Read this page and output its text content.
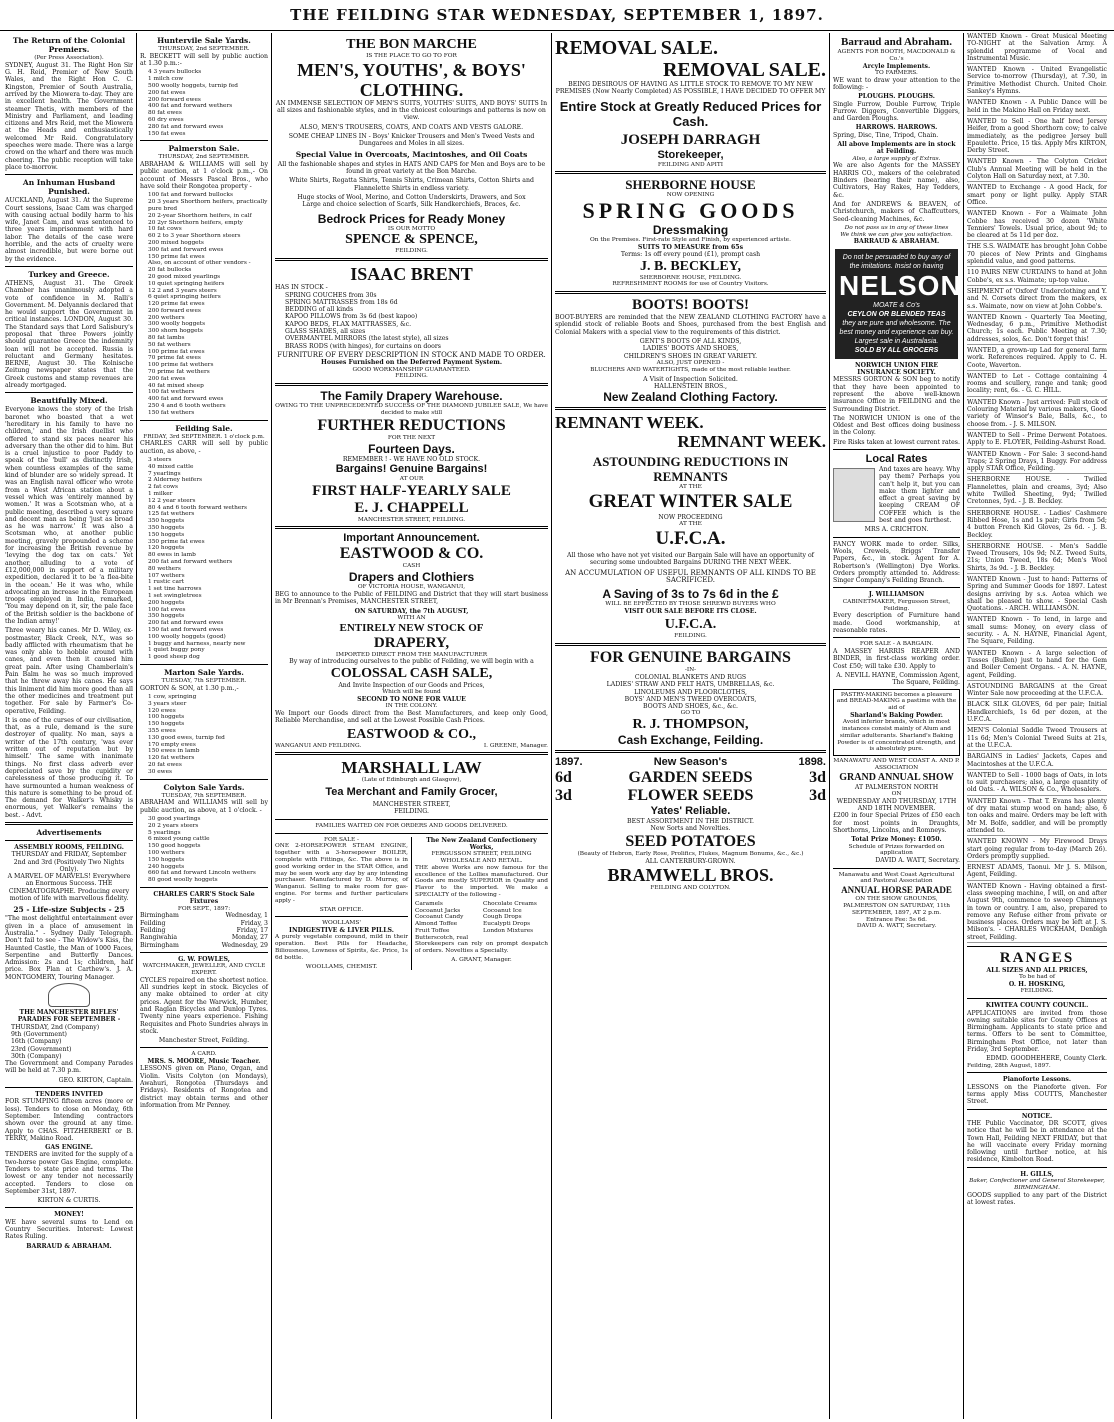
THE FEILDING STAR WEDNESDAY, SEPTEMBER 1, 1897.
The Return of the Colonial Premiers.
(Per Press Association).

SYDNEY, August 31. The Right Hon Sir G. H. Reid, Premier of New South Wales, and the Right Hon C. C. Kingston, Premier of South Australia, arrived by the Miowera to-day. They are in excellent health. The Government steamer Thetis, with members of the Ministry and Parliament, and leading citizens and Mrs Reid, met the Miowera at the Heads and enthusiastically welcomed Mr Reid. Congratulatory speeches were made. There was a large crowd on the wharf and there was much cheering. The public reception will take place to-morrow.

An Inhuman Husband Punished.

AUCKLAND, August 31. At the Supreme Court sessions, Isaac Cam was charged with causing actual bodily harm to his wife, Janet Cam, and was sentenced to three years imprisonment with hard labor. The details of the case were horrible, and the acts of cruelty were almost incredible, but were borne out by the evidence.

Turkey and Greece.

ATHENS, August 31. The Greek Chamber has unanimously adopted a vote of confidence in M. Ralli's Government. M. Delyannis declared that he would support the Government in critical instances. LONDON, August 30. The Standard says that Lord Salisbury's proposal that three Powers jointly should guarantee Greece the indemnity loan will not be accepted. Russia is reluctant and Germany hesitates. BERNE, August 30. The Kolnische Zeitung newspaper states that the Greek customs and stamp revenues are already mortgaged.

Beautifully Mixed.

Everyone knows the story of the Irish baronet who boasted that a wet 'hereditary in his family to have no children,' and the Irish duellist who offered to stand six paces nearer his adversary than the other did to him. But is a cruel injustice to poor Paddy to speak of the 'bull' as distinctly Irish, when countless examples of the same kind of blunder are so widely spread. It was an English naval officer who wrote from a West African station about a vessel which was 'entirely manned by women.' It was a Scotsman who, at a public meeting, described a very square and decent man as being 'just as broad as he was narrow.' It was also a Scotsman who, at another public meeting, gravely propounded a scheme for increasing the British revenue by 'levying the dog tax on cats.' Yet another, alluding to a vote of £12,000,000 in support of a military expedition, declared it to be 'a flea-bite in the ocean.' He it was who, while advocating an increase in the European troops employed in India, remarked, 'You may depend on it, sir, the pale face of the British soldier is the backbone of the Indian army!'

Three weary his canes. Mr D. Wiley, ex-postmaster, Black Creek, N.Y., was so badly afflicted with rheumatism that he was only able to hobble around with canes, and even then it caused him great pain. After using Chamberlain's Pain Balm he was so much improved that he threw away his canes. He says this liniment did him more good than all the other medicines and treatment put together. For sale by Farmer's Co-operative, Feilding.

It is one of the curses of our civilisation, that, as a rule, demand is the sure destroyer of quality. No man, says a writer of the 17th century, 'was ever written out of reputation but by himself.' The same with inanimate things. No first class adverb ever depreciated save by the cupidity or carelessness of those producing it. To have surmounted a human weakness of this nature is something to be proud of. The demand for Walker's Whisky is enormous, yet Walker's remains the best. - Advt.

Advertisements
ASSEMBLY ROOMS, FEILDING.
THURSDAY and FRIDAY, September 2nd and 3rd (Positively Two Nights Only).
A MARVEL OF MARVELS! Everywhere an Enormous Success. THE CINEMATOGRAPHE. Producing every motion of life with marvellous fidelity.
25 - Life-size Subjects - 25

"The most delightful entertainment ever given in a place of amusement in Australia." - Sydney Daily Telegraph. Don't fail to see - The Widow's Kiss, the Haunted Castle, the Man of 1000 Faces, Serpentine and Butterfly Dances. Admission: 2s and 1s; children, half price. Box Plan at Carthew's. J. A. MONTGOMERY, Touring Manager.

THE MANCHESTER RIFLES' PARADES FOR SEPTEMBER -
THURSDAY, 2nd (Company)
9th (Government)
16th (Company)
23rd (Government)
30th (Company)

The Government and Company Parades will be held at 7.30 p.m.

GEO. KIRTON, Captain.
TENDERS INVITED

FOR STUMPING fifteen acres (more or less). Tenders to close on Monday, 6th September. Intending contractors shown over the ground at any time. Apply to CHAS. FITZHERBERT or B. TERRY, Makino Road.

GAS ENGINE.

TENDERS are invited for the supply of a two-horse power Gas Engine, complete. Tenders to state price and terms. The lowest or any tender not necessarily accepted. Tenders to close on September 31st, 1897.

KIRTON & CURTIS.
MONEY!

WE have several sums to Lend on Country Securities. Interest: Lowest Rates Ruling.

BARRAUD & ABRAHAM.
Huntervile Sale Yards.
THURSDAY, 2nd SEPTEMBER.

R. BECKETT will sell by public auction at 1.30 p.m.:-

4 3 years bullocks
1 milch cow
500 woolly hoggets, turnip fed
200 fat ewes
200 forward ewes
400 fat and forward wethers
80 fat ewes
60 dry ewes
280 fat and forward ewes
150 fat ewes
Palmerston Sale.
THURSDAY, 2nd SEPTEMBER.

ABRAHAM & WILLIAMS will sell by public auction, at 1 o'clock p.m.,- On account of Messrs Pascal Bros., who have sold their Rongotea property -

100 fat and forward bullocks
20 3 years Shorthorn heifers, practically pure bred
20 2-year Shorthorn heifers, in calf
20 2yr Shorthorn heifers, empty
10 fat cows
60 2 to 3 year Shorthorn steers
200 mixed hoggets
300 fat and forward ewes
150 prime fat ewes
Also, on account of other vendors -
20 fat bullocks
20 good mixed yearlings
10 quiet springing heifers
12 2 and 3 years steers
6 quiet springing heifers
120 prime fat ewes
200 forward ewes
200 wethers
300 woolly hoggets
300 shorn hoggets
80 fat lambs
50 fat wethers
100 prime fat ewes
70 prime fat ewes
100 prime fat wethers
70 prime fat wethers
200 fat ewes
40 fat mixed sheep
100 fat wethers
400 fat and forward ewes
250 4 and 6 tooth wethers
150 fat wethers
Feilding Sale.
FRIDAY, 3rd SEPTEMBER. 1 o'clock p.m.

CHARLES CARR will sell by public auction, as above, -

3 steers
40 mixed cattle
7 yearlings
2 Alderney heifers
2 fat cows
1 milker
12 2 year steers
80 4 and 6 tooth forward wethers
125 fat wethers
350 hoggets
350 hoggets
150 hoggets
350 prime fat ewes
120 hoggets
80 ewes in lamb
200 fat and forward wethers
80 wethers
107 wethers
1 rustic cart
1 set tine harrows
1 set swingletrees
200 hoggets
100 fat ewes
350 hoggets
200 fat and forward ewes
150 fat and forward ewes
100 woolly hoggets (good)
1 buggy and harness, nearly new
1 quiet buggy pony
1 good sheep dog
Marton Sale Yards.
TUESDAY, 7th SEPTEMBER.

GORTON & SON, at 1.30 p.m.,-

1 cow, springing
3 years steer
120 ewes
100 hoggets
150 hoggets
355 ewes
130 good ewes, turnip fed
170 empty ewes
150 ewes in lamb
120 fat wethers
20 fat ewes
30 ewes
Colyton Sale Yards.
TUESDAY, 7th SEPTEMBER.

ABRAHAM and WILLIAMS will sell by public auction, as above, at 1 o'clock. -

30 good yearlings
20 2 years steers
5 yearlings
6 mixed young cattle
150 good hoggets
100 wethers
150 hoggets
240 hoggets
660 fat and forward Lincoln wethers
80 good woolly hoggets
CHARLES CARR'S Stock Sale Fixtures
FOR SEPT., 1897:
Birmingham	Wednesday, 1
Feilding	Friday, 3
Feilding	Friday, 17
Rangiwahia	Monday, 27
Birmingham	Wednesday, 29
G. W. FOWLES,
WATCHMAKER, JEWELLER, AND CYCLE EXPERT.

CYCLES repaired on the shortest notice. All sundries kept in stock. Bicycles of any make obtained to order at city prices. Agent for the Warwick, Humber, and Raglan Bicycles and Dunlop Tyres. Twenty nine years experience. Fishing Requisites and Photo Sundries always in stock.

Manchester Street, Feilding.
A CARD.
MRS. S. MOORE, Music Teacher.

LESSONS given on Piano, Organ, and Violin. Visits Colyton (on Mondays), Awahuri, Rongotea (Thursdays and Fridays). Residents of Rongotea and district may obtain terms and other information from Mr Penney.

THE BON MARCHE
IS THE PLACE TO GO TO FOR
MEN'S, YOUTHS', & BOYS' CLOTHING.
AN IMMENSE SELECTION OF MEN'S SUITS, YOUTHS' SUITS, AND BOYS' SUITS In all sizes and fashionable styles, and in the choicest colourings and patterns is now on view.
ALSO, MEN'S TROUSERS, COATS, AND COATS AND VESTS GALORE.
SOME CHEAP LINES IN - Boys' Knicker Trousers and Men's Tweed Vests and Dungarees and Moles in all sizes.
Special Value in Overcoats, Macintoshes, and Oil Coats
All the fashionable shapes and styles in HATS AND CAPS for Men and Boys are to be found in great variety at the Bon Marche.
White Shirts, Regatta Shirts, Tennis Shirts, Crimean Shirts, Cotton Shirts and Flannelette Shirts in endless variety.
Huge stocks of Wool, Merino, and Cotton Underskirts, Drawers, and Sox
Large and choice selection of Scarfs, Silk Handkerchiefs, Braces, &c.
Bedrock Prices for Ready Money
IS OUR MOTTO
SPENCE & SPENCE,
FEILDING.
ISAAC BRENT
HAS IN STOCK -
SPRING COUCHES from 30s
SPRING MATTRASSES from 18s 6d
BEDDING of all kinds
KAPOO PILLOWS from 3s 6d (best kapoo)
KAPOO BEDS, FLAX MATTRASSES, &c.
GLASS SHADES, all sizes
OVERMANTEL MIRRORS (the latest style), all sizes
BRASS RODS (with hinges), for curtains on doors
FURNITURE OF EVERY DESCRIPTION IN STOCK AND MADE TO ORDER.
Houses Furnished on the Deferred Payment System.
GOOD WORKMANSHIP GUARANTEED.
FEILDING.
The Family Drapery Warehouse.
OWING TO THE UNPRECEDENTED SUCCESS OF THE DIAMOND JUBILEE SALE, We have decided to make still
FURTHER REDUCTIONS
FOR THE NEXT
Fourteen Days.
REMEMBER ! - WE HAVE NO OLD STOCK.
Bargains! Genuine Bargains!
AT OUR
FIRST HALF-YEARLY SALE
E. J. CHAPPELL
MANCHESTER STREET, FEILDING.
Important Announcement.
EASTWOOD & CO.
CASH
Drapers and Clothiers
OF VICTORIA HOUSE, WANGANUI,

BEG to announce to the Public of FEILDING and District that they will start business in Mr Brennan's Premises, MANCHESTER STREET,

ON SATURDAY, the 7th AUGUST,
WITH AN
ENTIRELY NEW STOCK OF
DRAPERY,
IMPORTED DIRECT FROM THE MANUFACTURER
By way of introducing ourselves to the public of Feilding, we will begin with a
COLOSSAL CASH SALE,
And Invite Inspection of our Goods and Prices,
Which will be found
SECOND TO NONE FOR VALUE
IN THE COLONY.

We Import our Goods direct from the Best Manufacturers, and keep only Good, Reliable Merchandise, and sell at the Lowest Possible Cash Prices.

EASTWOOD & CO.,
WANGANUI AND FEILDING.	I. GREENE, Manager.
MARSHALL LAW
(Late of Edinburgh and Glasgow),
Tea Merchant and Family Grocer,
MANCHESTER STREET,
FEILDING.
FAMILIES WAITED ON FOR ORDERS AND GOODS DELIVERED.
FOR SALE -

ONE 2-HORSEPOWER STEAM ENGINE, together with a 3-horsepower BOILER, complete with Fittings, &c. The above is in good working order in the STAR Office, and may be seen work any day by any intending purchaser. Manufactured by D. Murray, of Wanganui. Selling to make room for gas-engine. For terms and further particulars apply -

STAR OFFICE.
WOOLLAMS'
INDIGESTIVE & LIVER PILLS.

A purely vegetable compound, mild in their operation. Best Pills for Headache, Biliousness, Lowness of Spirits, &c. Price, 1s 6d bottle.

WOOLLAMS, CHEMIST.
The New Zealand Confectionery Works,
FERGUSSON STREET, FEILDING
WHOLESALE AND RETAIL.

THE above Works are now famous for the excellence of the Lollies manufactured. Our Goods are mostly SUPERIOR in Quality and Flavor to the imported. We make a SPECIALTY of the following -

Caramels
Cocoanut Jacks
Cocoanut Candy
Almond Toffee
Fruit Toffee
Butterscotch, real
Chocolate Creams
Cocoanut Ice
Cough Drops
Eucalypti Drops
London Mixtures

Storekeepers can rely on prompt despatch of orders. Novelties a Specialty.

A. GRANT, Manager.
REMOVAL SALE.
REMOVAL SALE.
BEING DESIROUS OF HAVING AS LITTLE STOCK TO REMOVE TO MY NEW PREMISES (Now Nearly Completed) AS POSSIBLE, I HAVE DECIDED TO OFFER MY
Entire Stock at Greatly Reduced Prices for Cash.
JOSEPH DARRAGH
Storekeeper,
FEILDING AND APITI
SHERBORNE HOUSE
NOW OPENING
SPRING GOODS
Dressmaking
On the Premises. First-rate Style and Finish, by experienced artiste.
SUITS TO MEASURE from 65s
Terms: 1s off every pound (£1), prompt cash
J. B. BECKLEY,
SHERBORNE HOUSE, FEILDING.
REFRESHMENT ROOMS for use of Country Visitors.
BOOTS! BOOTS!

BOOT-BUYERS are reminded that the NEW ZEALAND CLOTHING FACTORY have a splendid stock of reliable Boots and Shoes, purchased from the best English and Colonial Makers with a special view to the requirements of this district.

GENT'S BOOTS OF ALL KINDS,
LADIES' BOOTS AND SHOES,
CHILDREN'S SHOES IN GREAT VARIETY.
ALSO, JUST OPENED -
BLUCHERS AND WATERTIGHTS, made of the most reliable leather.
A Visit of Inspection Solicited.
HALLENSTEIN BROS.,
New Zealand Clothing Factory.
REMNANT WEEK.
REMNANT WEEK.
ASTOUNDING REDUCTIONS IN
REMNANTS
AT THE
GREAT WINTER SALE
NOW PROCEEDING
AT THE
U.F.C.A.
All those who have not yet visited our Bargain Sale will have an opportunity of securing some undoubted Bargains DURING THE NEXT WEEK.
AN ACCUMULATION OF USEFUL REMNANTS OF ALL KINDS TO BE SACRIFICED.
A Saving of 3s to 7s 6d in the £
WILL BE EFFECTED BY THOSE SHREWD BUYERS WHO
VISIT OUR SALE BEFORE ITS CLOSE.
U.F.C.A.
FEILDING.
FOR GENUINE BARGAINS
-IN-
COLONIAL BLANKETS AND RUGS
LADIES' STRAW AND FELT HATS, UMBRELLAS, &c.
LINOLEUMS AND FLOORCLOTHS,
BOYS' AND MEN'S TWEED OVERCOATS,
BOOTS AND SHOES, &c., &c.
GO TO
R. J. THOMPSON,
Cash Exchange, Feilding.
1897.	New Season's	1898.
6d	GARDEN SEEDS	3d
3d	FLOWER SEEDS	3d
Yates' Reliable.
BEST ASSORTMENT IN THE DISTRICT.
New Sorts and Novelties.
SEED POTATOES
(Beauty of Hebron, Early Rose, Prolifics, Flukes, Magnum Bonums, &c., &c.)
ALL CANTERBURY-GROWN.
BRAMWELL BROS.
FEILDING AND COLYTON.
Barraud and Abraham.
AGENTS FOR BOOTH, MACDONALD & Co.'s
Arcyle Implements.
TO FARMERS.

WE want to draw your attention to the following: -

PLOUGHS. PLOUGHS.

Single Furrow, Double Furrow, Triple Furrow. Diggers, Convertible Diggers, and Garden Ploughs.

HARROWS. HARROWS.

Spring, Disc, Tine, Tripod, Chain.

All above Implements are in stock at Feilding.
Also, a large supply of Extras.

We are also Agents for the MASSEY HARRIS CO., makers of the celebrated Binders (bearing their name), also, Cultivators, Hay Rakes, Hay Tedders, &c.

And for ANDREWS & BEAVEN, of Christchurch, makers of Chaffcutters, Seed-cleaning Machines, &c.

Do not pass us in any of these lines
We think we can give you satisfaction.
BARRAUD & ABRAHAM.
Do not be persuaded to buy any of the imitations. Insist on having
NELSON
MOATE & Co's
CEYLON OR BLENDED TEAS
they are pure and wholesome. The best money and experience can buy. Largest sale in Australasia.
SOLD BY ALL GROCERS
NORWICH UNION FIRE INSURANCE SOCIETY.

MESSRS GORTON & SON beg to notify that they have been appointed to represent the above well-known insurance Office in FEILDING and the Surrounding District.

The NORWICH UNION is one of the Oldest and Best offices doing business in the Colony.

Fire Risks taken at lowest current rates.

Local Rates

And taxes are heavy. Why pay them? Perhaps you can't help it, but you can make them lighter and effect a great saving by keeping CREAM OF COFFEE which is the best and goes furthest.

MRS A. CRICHTON.

FANCY WORK made to order. Silks, Wools, Crewels, Briggs' Transfer Papers, &c., in stock. Agent for A. Robertson's (Wellington) Dye Works. Orders promptly attended to. Address: Singer Company's Feilding Branch.

J. WILLIAMSON
CABINETMAKER, Fergusson Street, Feilding.

Every description of Furniture hand made. Good workmanship, at reasonable rates.

FOR SALE - A BARGAIN.

A MASSEY HARRIS REAPER AND BINDER, in first-class working order. Cost £50; will take £30. Apply to

A. NEVILL HAYNE, Commission Agent, The Square, Feilding.
PASTRY-MAKING becomes a pleasure and BREAD-MAKING a pastime with the aid of
Sharland's Baking Powder.
Avoid inferior brands, which in most instances consist mainly of Alum and similar adulterants. Sharland's Baking Powder is of concentrated strength, and is absolutely pure.
MANAWATU AND WEST COAST A. AND P. ASSOCIATION
GRAND ANNUAL SHOW
AT PALMERSTON NORTH
ON
WEDNESDAY AND THURSDAY, 17TH AND 18TH NOVEMBER.

£200 in four Special Prizes of £50 each for most points in Draughts, Shorthorns, Lincolns, and Romneys.

Total Prize Money: £1050.
Schedule of Prizes forwarded on application
DAVID A. WATT, Secretary.
Manawatu and West Coast Agricultural and Pastoral Association
ANNUAL HORSE PARADE
ON THE SHOW GROUNDS, PALMERSTON ON SATURDAY, 11th SEPTEMBER, 1897, AT 2 p.m.
Entrance Fee: 5s 6d.
DAVID A. WATT, Secretary.

WANTED Known - Great Musical Meeting TO-NIGHT at the Salvation Army. A splendid programme of Vocal and Instrumental Music.

WANTED Known - United Evangelistic Service to-morrow (Thursday), at 7.30, in Primitive Methodist Church. United Choir. Sankey's Hymns.

WANTED Known - A Public Dance will be held in the Makino Hall on Friday next.

WANTED to Sell - One half bred Jersey Heifer, from a good Shorthorn cow; to calve immediately, as the pedigree Jersey bull Epaulette. Price, 15 tks. Apply Mrs KIRTON, Derby Street.

WANTED Known - The Colyton Cricket Club's Annual Meeting will be held in the Colyton Hall on Saturday next, at 7.30.

WANTED to Exchange - A good Hack, for smart pony or light pulky. Apply STAR Office.

WANTED Known - For a Waimate John Cobbe has received 30 dozen 'White Tenniers' Towels. Usual price, about 9d; to be cleared at 5s 11d per doz.

THE S.S. WAIMATE has brought John Cobbe 70 pieces of New Prints and Ginghams splendid value, and good patterns.

110 PAIRS NEW CURTAINS to hand at John Cobbe's, ex s.s. Waimate; up-top value.

SHIPMENT of 'Oxford' Underclothing and Y. and N. Corsets direct from the makers, ex s.s. Waimate, now on view at John Cobbe's.

WANTED Known - Quarterly Tea Meeting, Wednesday, 6 p.m., Primitive Methodist Church; 1s each. Public Meeting at 7.30; addresses, solos, &c. Don't forget this!

WANTED, a grown-up Lad for general farm work. References required. Apply to C. H. Coote, Waverton.

WANTED to Let - Cottage containing 4 rooms and scullery, range and tank; good locality; rent, 6s. - G. C. HILL.

WANTED Known - Just arrived: Full stock of Colouring Material by various makers, Good variety of Winsor's Bale, Balls, &c., to choose from. - J. S. MILSON.

WANTED to Sell - Prime Derwent Potatoes. Apply to E. FLOYER, Feilding-Ashurst Road.

WANTED Known - For Sale: 3 second-hand Traps; 2 Spring Drays, 1 Buggy. For address apply STAR Office, Feilding.

SHERBORNE HOUSE. - Twilled Flannelettes, plain and creams, 3yd; Also white Twilled Sheeting, 9yd; Twilled Cretonnes, 5yd. - J. B. Beckley.

SHERBORNE HOUSE. - Ladies' Cashmere Ribbed Hose, 1s and 1s pair; Girls from 5d; 4 button French Kid Gloves, 2s 6d. - J. B. Beckley.

SHERBORNE HOUSE. - Men's Saddle Tweed Trousers, 10s 9d; N.Z. Tweed Suits, 21s; Union Tweed, 18s 6d; Men's Wool Shirts, 3s 9d. - J. B. Beckley.

WANTED Known - Just to hand: Patterns of Spring and Summer Goods for 1897. Latest designs arriving by s.s. Aotea which we shall be pleased to show. - Special Cash Quotations. - ARCH. WILLIAMSON.

WANTED Known - To lend, in large and small sums: Money, on every class of security. - A. N. HAYNE, Financial Agent, The Square, Feilding.

WANTED Known - A large selection of Tusses (Bullen) just to hand for the Gem and Boiler Cement Organs. - A. N. HAYNE, agent, Feilding.

ASTOUNDING BARGAINS at the Great Winter Sale now proceeding at the U.F.C.A.

BLACK SILK GLOVES, 6d per pair; Initial Handkerchiefs, 1s 6d per dozen, at the U.F.C.A.

MEN'S Colonial Saddle Tweed Trousers at 11s 6d; Men's Colonial Tweed Suits at 21s, at the U.F.C.A.

BARGAINS in Ladies' Jackets, Capes and Macintoshes at the U.F.C.A.

WANTED to Sell - 1000 bags of Oats, in lots to suit purchasers; also, a large quantity of old Oats. - A. WILSON & Co., Wholesalers.

WANTED Known - That T. Evans has plenty of dry matai stump wood on hand; also, 6 ton oaks and maire. Orders may be left with Mr M. Bolfe, saddler, and will be promptly attended to.

WANTED KNOWN - My Firewood Drays start going regular from to-day (March 26). Orders promptly supplied.

ERNEST ADAMS, Taonui. Mr J. S. Milson, Agent, Feilding.

WANTED Known - Having obtained a first-class sweeping machine, I will, on and after August 9th, commence to sweep Chimneys in town or country. I am, also, prepared to remove any Refuse either from private or business places. Orders may be left at J. S. Milson's. - CHARLES WICKHAM, Denbigh street, Feilding.

RANGES
ALL SIZES AND ALL PRICES,
To be had of
O. H. HOSKING,
FEILDING.
KIWITEA COUNTY COUNCIL.

APPLICATIONS are invited from those owning suitable sites for County Offices at Birmingham. Applicants to state price and terms. Offers to be sent to Committee, Birmingham Post Office, not later than Friday, 3rd September.

EDMD. GOODHEHERE, County Clerk.
Feilding, 28th August, 1897.
Pianoforte Lessons.

LESSONS on the Pianoforte given. For terms apply Miss COUTTS, Manchester Street.

NOTICE.

THE Public Vaccinator, DR SCOTT, gives notice that he will be in attendance at the Town Hall, Feilding NEXT FRIDAY, but that he will vaccinate every Friday morning following until further notice, at his residence, Kimbolton Road.

H. GILLS,
Baker, Confectioner and General Storekeeper, BIRMINGHAM.

GOODS supplied to any part of the District at lowest rates.
